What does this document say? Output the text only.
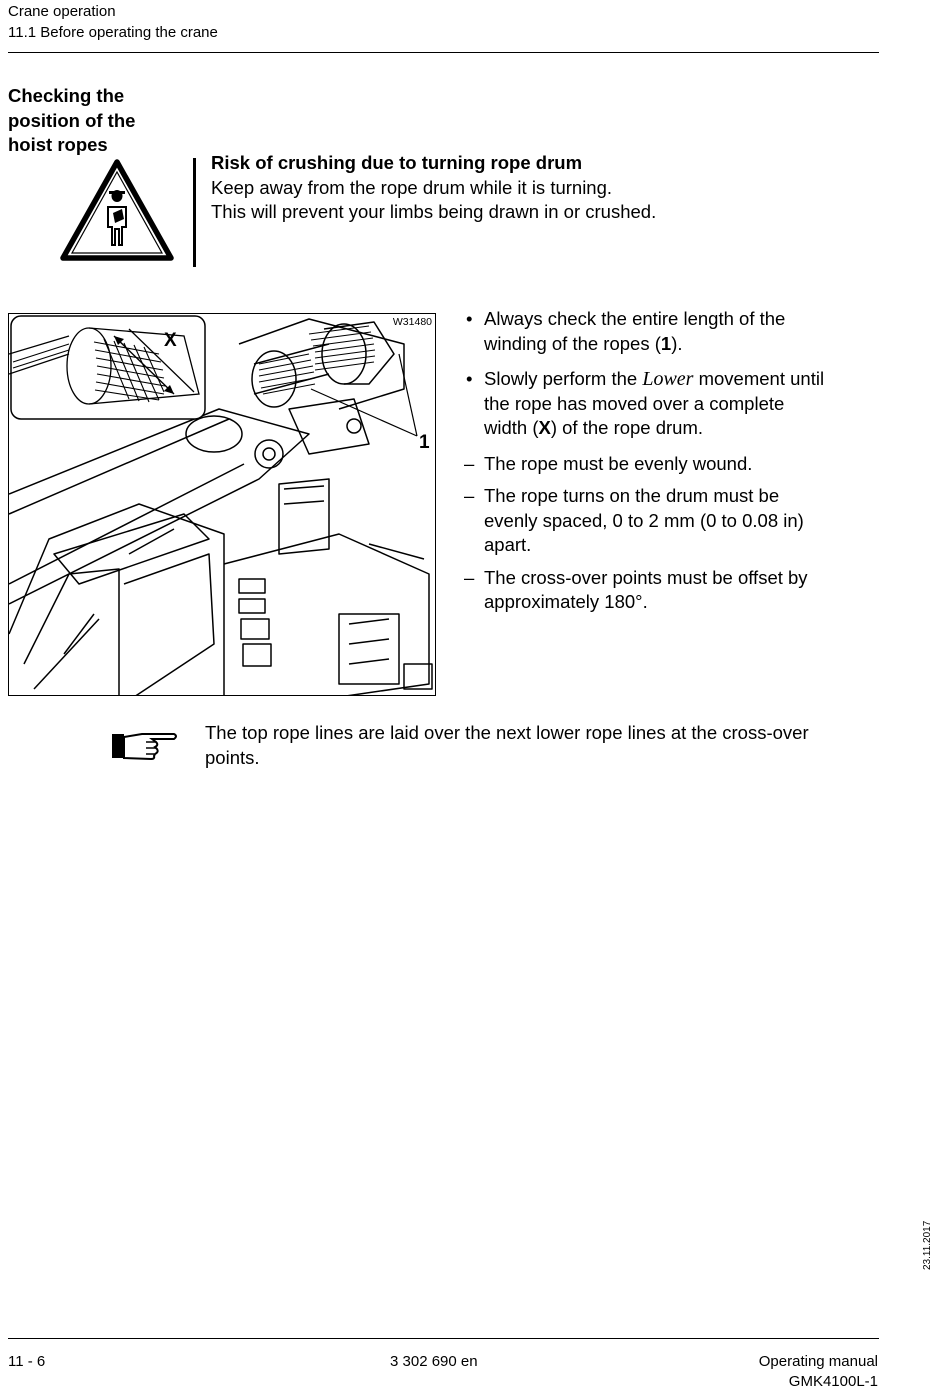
Crane operation
11.1 Before operating the crane
Checking the
position of the
hoist ropes
Risk of crushing due to turning rope drum
Keep away from the rope drum while it is turning.
This will prevent your limbs being drawn in or crushed.
W31480
X
1
• Always check the entire length of the
winding of the ropes (1).
• Slowly perform the Lower movement until
the rope has moved over a complete
width (X) of the rope drum.
– The rope must be evenly wound.
– The rope turns on the drum must be
evenly spaced, 0 to 2 mm (0 to 0.08 in)
apart.
– The cross-over points must be offset by
approximately 180°.
The top rope lines are laid over the next lower rope lines at the cross-over
points.
23.11.2017
11 - 6	3 302 690 en	Operating manual
GMK4100L-1
